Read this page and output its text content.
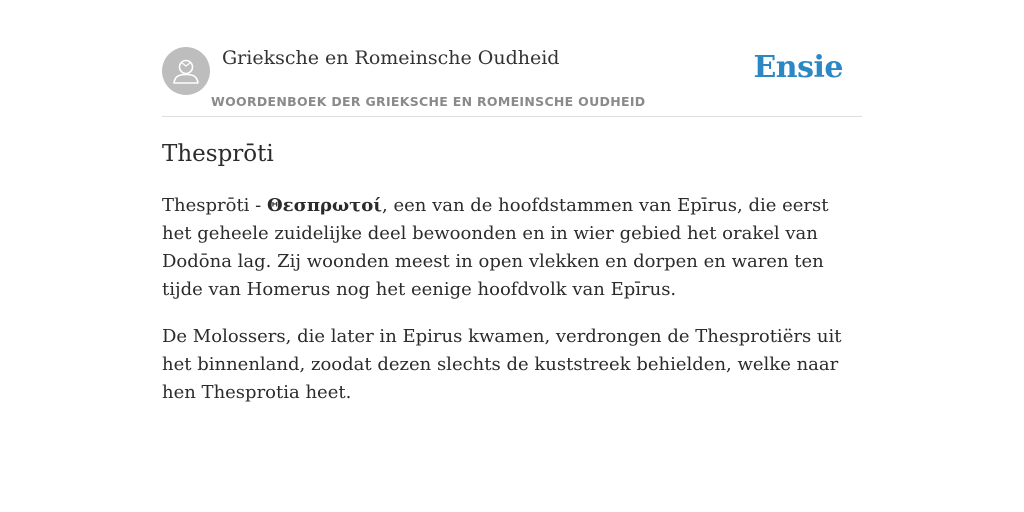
Grieksche en Romeinsche Oudheid
WOORDENBOEK DER GRIEKSCHE EN ROMEINSCHE OUDHEID
Ensie
Thesprōti

Thesprōti - Θεσπρωτοί, een van de hoofdstammen van Epīrus, die eerst het geheele zuidelijke deel bewoonden en in wier gebied het orakel van Dodōna lag. Zij woonden meest in open vlekken en dorpen en waren ten tijde van Homerus nog het eenige hoofdvolk van Epīrus.

De Molossers, die later in Epirus kwamen, verdrongen de Thesprotiërs uit het binnenland, zoodat dezen slechts de kuststreek behielden, welke naar hen Thesprotia heet.
